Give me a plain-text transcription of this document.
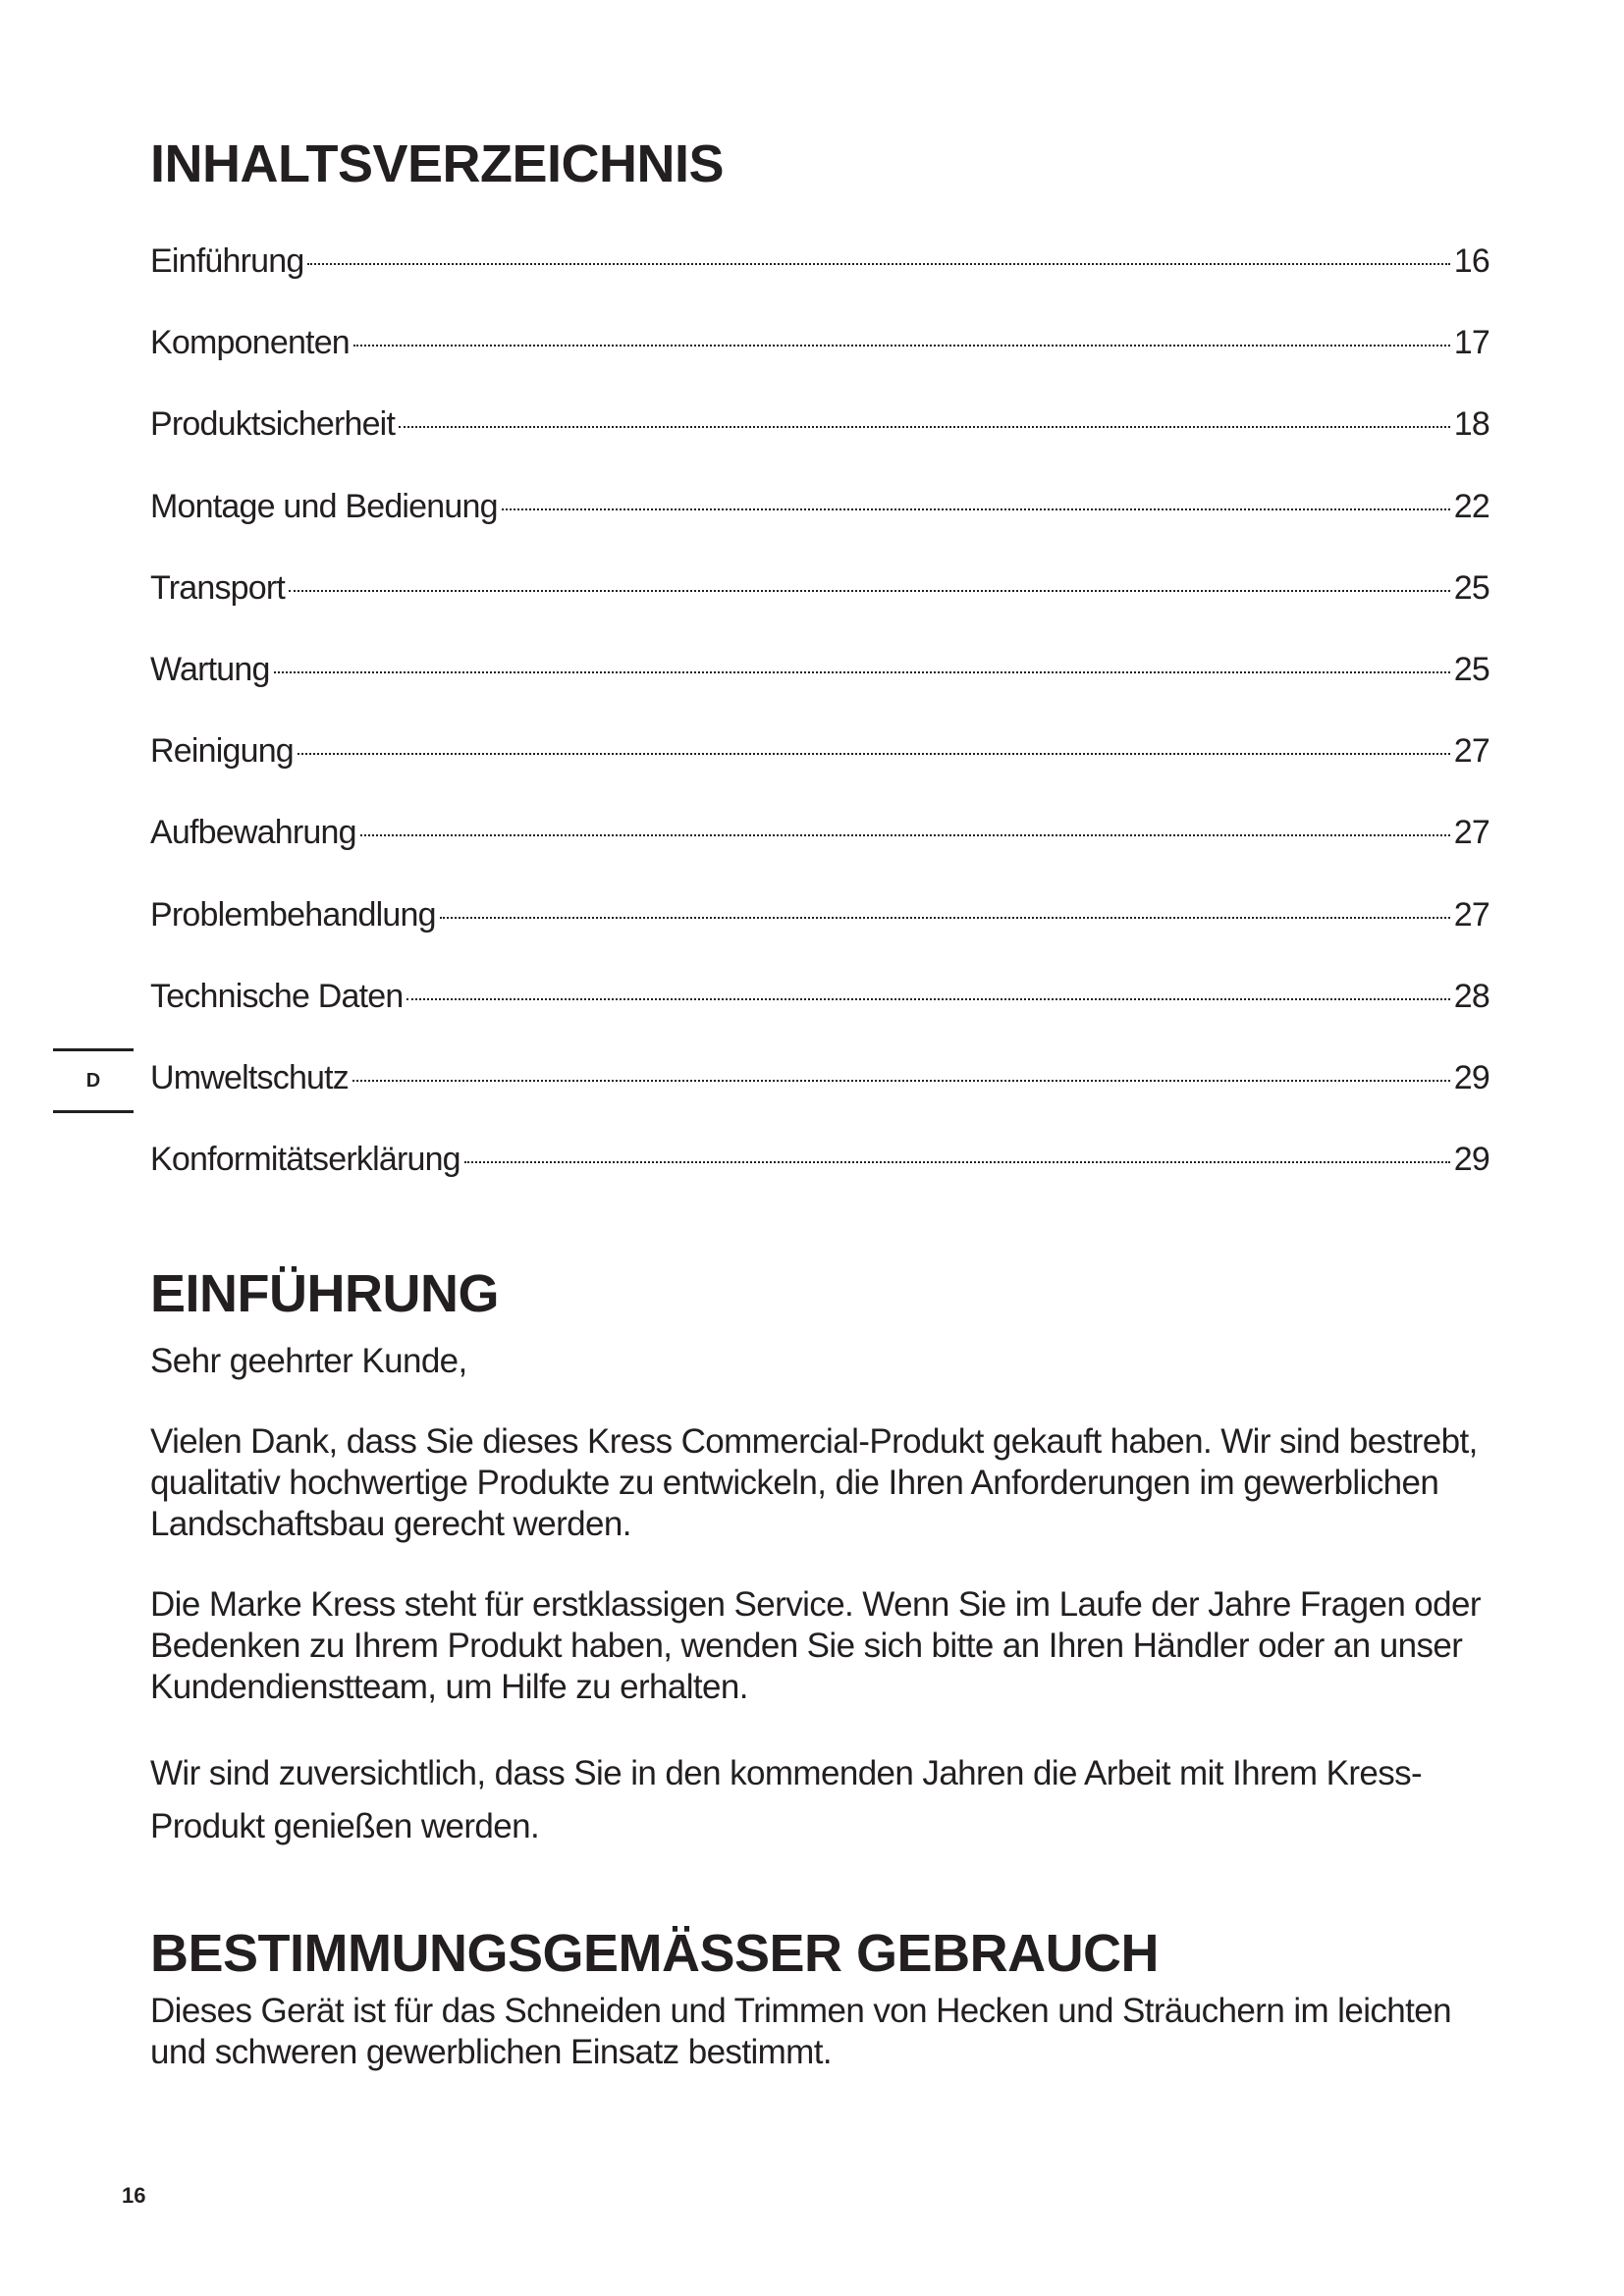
INHALTSVERZEICHNIS
Einführung	16
Komponenten	17
Produktsicherheit	18
Montage und Bedienung	22
Transport	25
Wartung	25
Reinigung	27
Aufbewahrung	27
Problembehandlung	27
Technische Daten	28
Umweltschutz	29
Konformitätserklärung	29
D
EINFÜHRUNG

Sehr geehrter Kunde,

Vielen Dank, dass Sie dieses Kress Commercial-Produkt gekauft haben. Wir sind bestrebt, qualitativ hochwertige Produkte zu entwickeln, die Ihren Anforderungen im gewerblichen Landschaftsbau gerecht werden.

Die Marke Kress steht für erstklassigen Service. Wenn Sie im Laufe der Jahre Fragen oder Bedenken zu Ihrem Produkt haben, wenden Sie sich bitte an Ihren Händler oder an unser Kundendienstteam, um Hilfe zu erhalten.

Wir sind zuversichtlich, dass Sie in den kommenden Jahren die Arbeit mit Ihrem Kress-Produkt genießen werden.

BESTIMMUNGSGEMÄSSER GEBRAUCH

Dieses Gerät ist für das Schneiden und Trimmen von Hecken und Sträuchern im leichten und schweren gewerblichen Einsatz bestimmt.

16
